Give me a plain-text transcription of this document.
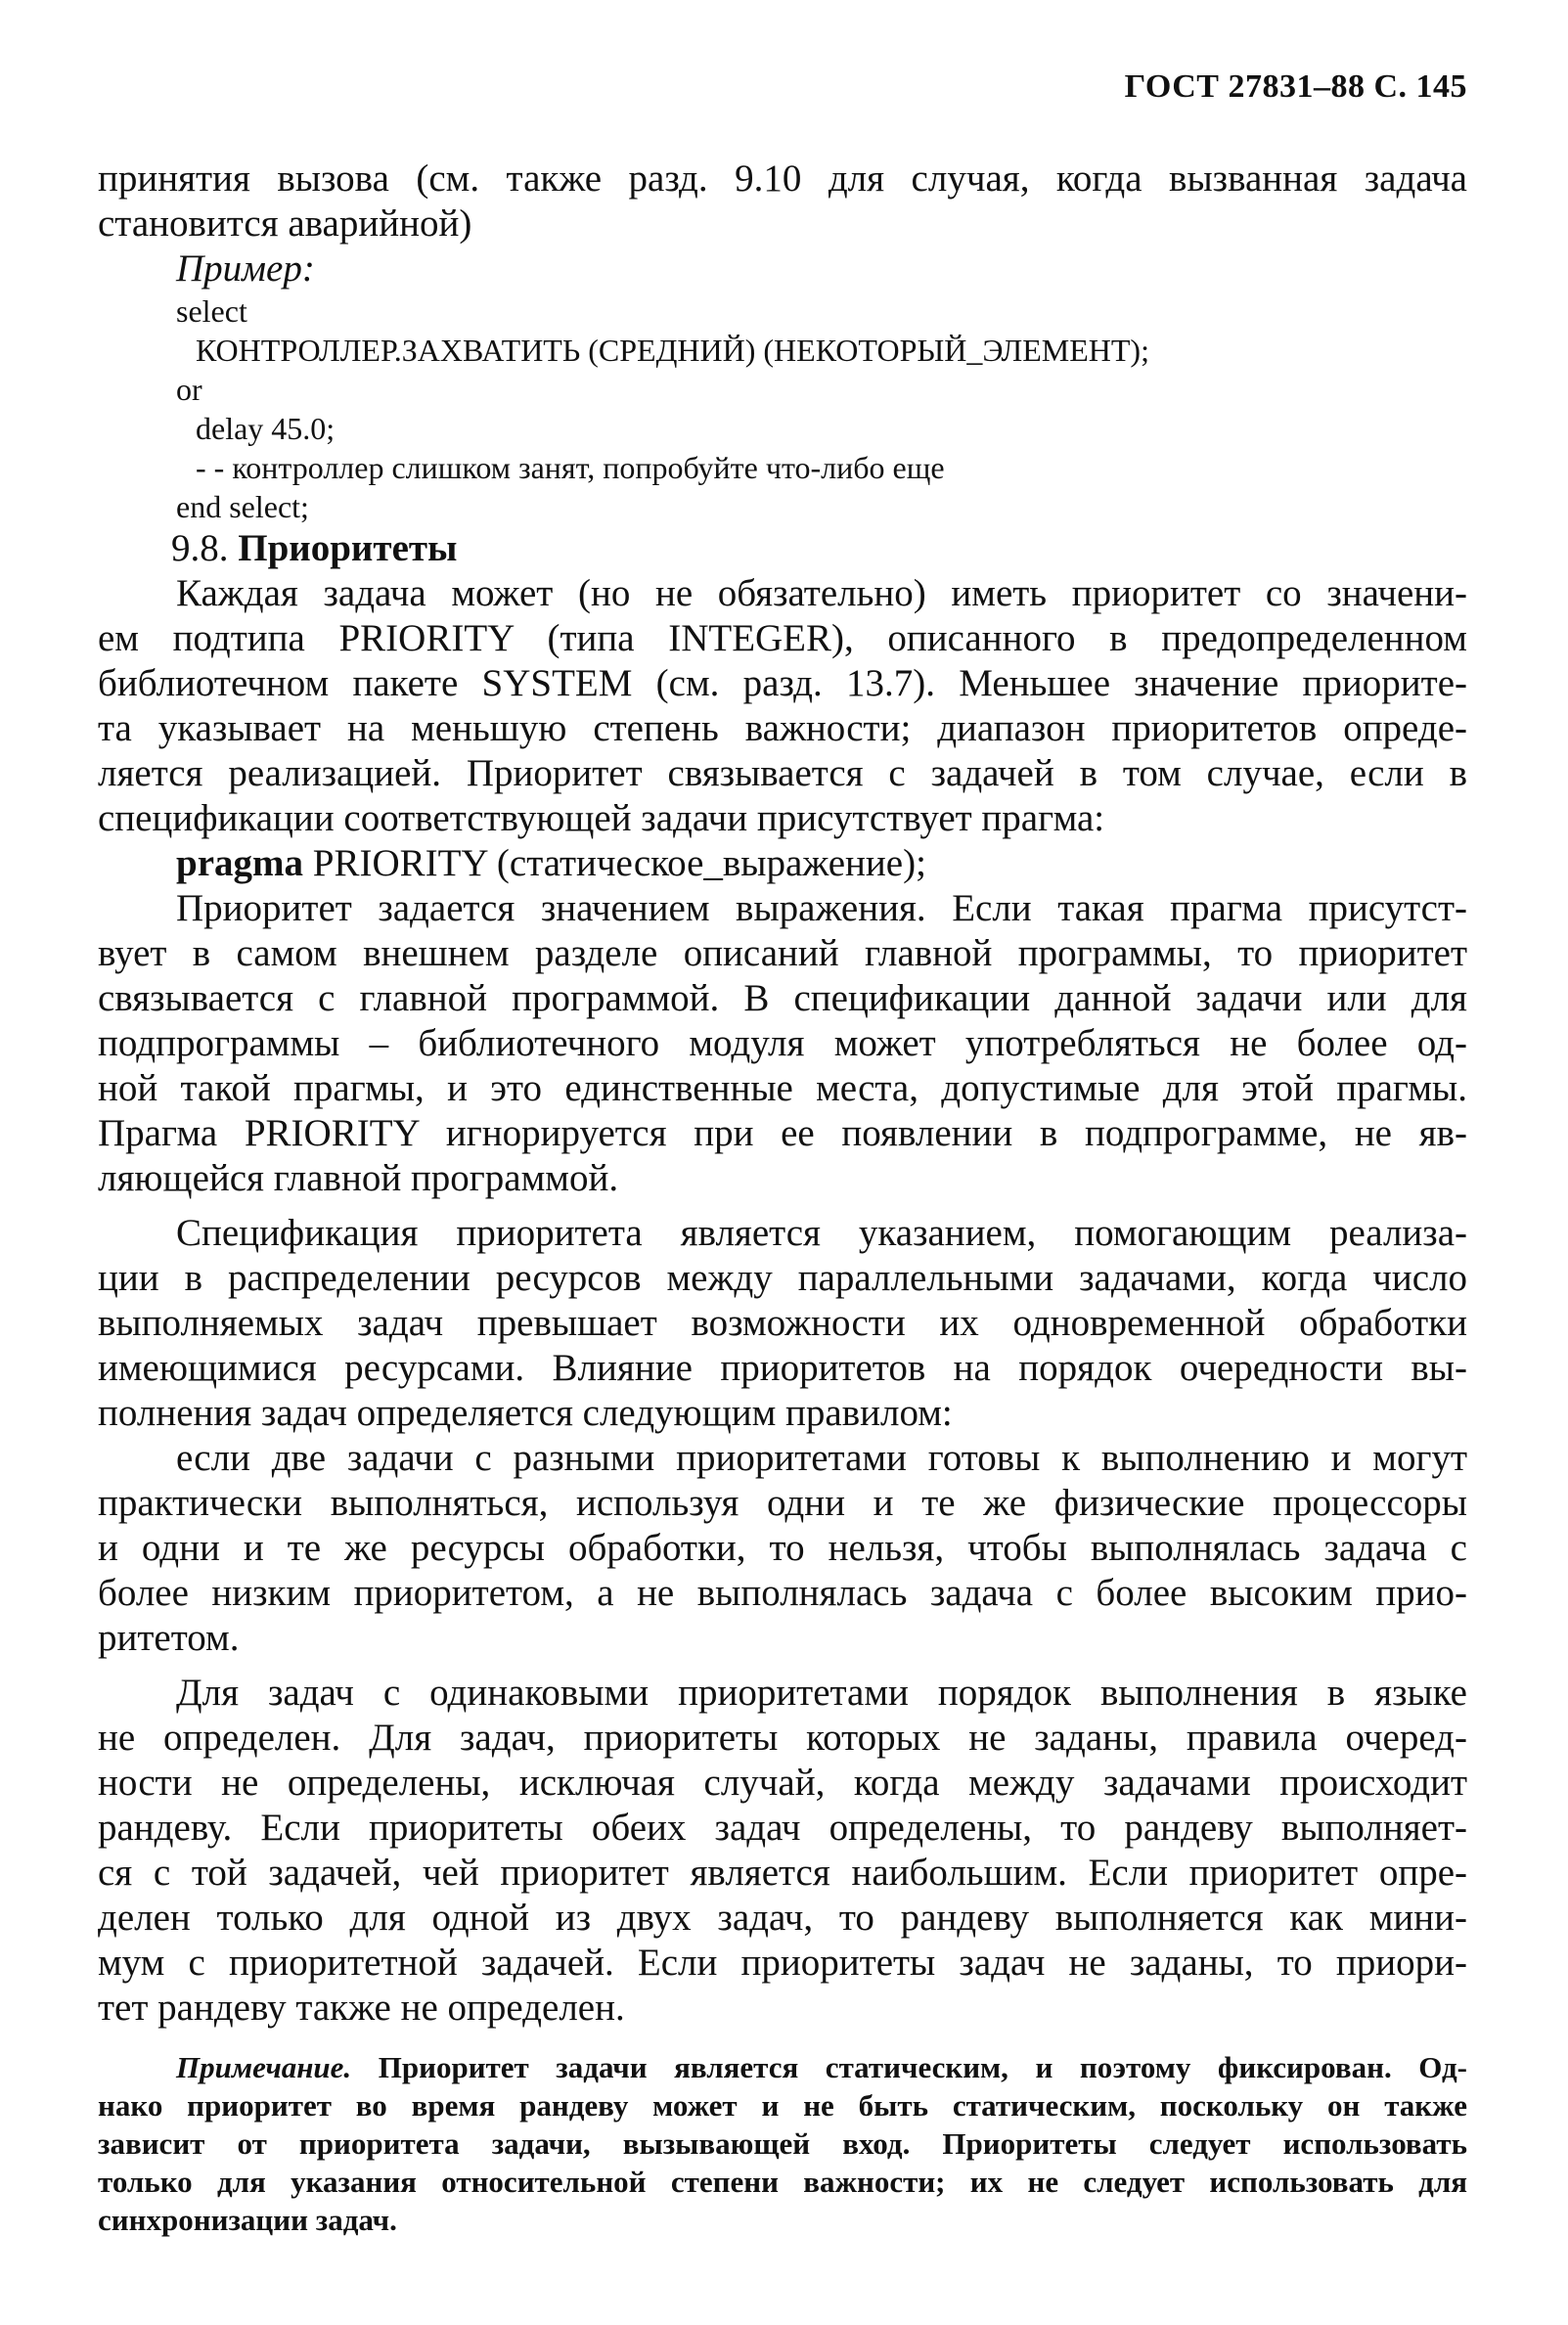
ГОСТ 27831–88 С. 145
принятия вызова (см. также разд. 9.10 для случая, когда вызванная задача
становится аварийной)
Пример:
select
КОНТРОЛЛЕР.ЗАХВАТИТЬ (СРЕДНИЙ) (НЕКОТОРЫЙ_ЭЛЕМЕНТ);
or
delay 45.0;
- - контроллер слишком занят, попробуйте что-либо еще
end select;
9.8. Приоритеты
Каждая задача может (но не обязательно) иметь приоритет со значени-
ем подтипа PRIORITY (типа INTEGER), описанного в предопределенном
библиотечном пакете SYSTEM (см. разд. 13.7). Меньшее значение приорите-
та указывает на меньшую степень важности; диапазон приоритетов опреде-
ляется реализацией. Приоритет связывается с задачей в том случае, если в
спецификации соответствующей задачи присутствует прагма:
pragma PRIORITY (статическое_выражение);
Приоритет задается значением выражения. Если такая прагма присутст-
вует в самом внешнем разделе описаний главной программы, то приоритет
связывается с главной программой. В спецификации данной задачи или для
подпрограммы – библиотечного модуля может употребляться не более од-
ной такой прагмы, и это единственные места, допустимые для этой прагмы.
Прагма PRIORITY игнорируется при ее появлении в подпрограмме, не яв-
ляющейся главной программой.
Спецификация приоритета является указанием, помогающим реализа-
ции в распределении ресурсов между параллельными задачами, когда число
выполняемых задач превышает возможности их одновременной обработки
имеющимися ресурсами. Влияние приоритетов на порядок очередности вы-
полнения задач определяется следующим правилом:
если две задачи с разными приоритетами готовы к выполнению и могут
практически выполняться, используя одни и те же физические процессоры
и одни и те же ресурсы обработки, то нельзя, чтобы выполнялась задача с
более низким приоритетом, а не выполнялась задача с более высоким прио-
ритетом.
Для задач с одинаковыми приоритетами порядок выполнения в языке
не определен. Для задач, приоритеты которых не заданы, правила очеред-
ности не определены, исключая случай, когда между задачами происходит
рандеву. Если приоритеты обеих задач определены, то рандеву выполняет-
ся с той задачей, чей приоритет является наибольшим. Если приоритет опре-
делен только для одной из двух задач, то рандеву выполняется как мини-
мум с приоритетной задачей. Если приоритеты задач не заданы, то приори-
тет рандеву также не определен.
Примечание. Приоритет задачи является статическим, и поэтому фиксирован. Од-
нако приоритет во время рандеву может и не быть статическим, поскольку он также
зависит от приоритета задачи, вызывающей вход. Приоритеты следует использовать
только для указания относительной степени важности; их не следует использовать для
синхронизации задач.
